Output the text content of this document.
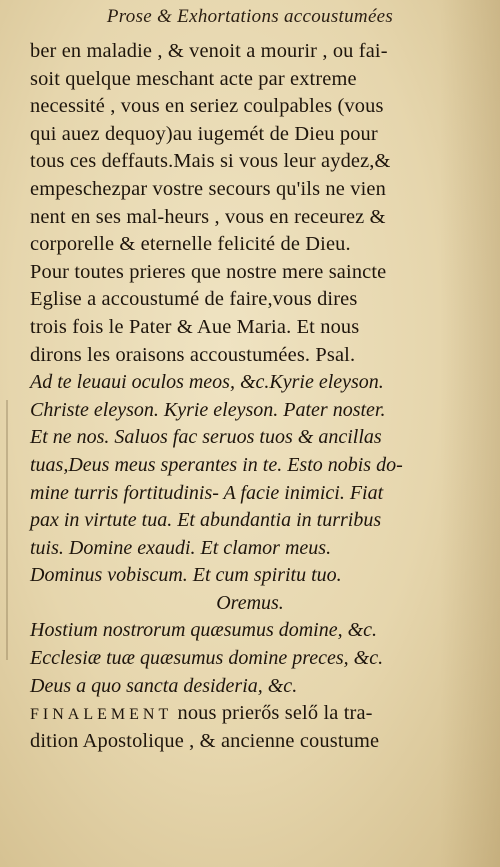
Prose & Exhortations accoustumées
ber en maladie , & venoit a mourir , ou fai-
soit quelque meschant acte par extreme
necessité , vous en seriez coulpables (vous
qui auez dequoy)au iugemét de Dieu pour
tous ces deffauts.Mais si vous leur aydez,&
empeschezpar vostre secours qu'ils ne vien
nent en ses mal-heurs , vous en receurez &
corporelle & eternelle felicité de Dieu.
Pour toutes prieres que nostre mere saincte
Eglise a accoustumé de faire,vous dires
trois fois le Pater & Aue Maria. Et nous
dirons les oraisons accoustumées. Psal.
Ad te leuaui oculos meos, &c.Kyrie eleyson.
Christe eleyson. Kyrie eleyson. Pater noster.
Et ne nos. Saluos fac seruos tuos & ancillas
tuas,Deus meus sperantes in te. Esto nobis do-
mine turris fortitudinis- A facie inimici. Fiat
pax in virtute tua. Et abundantia in turribus
tuis. Domine exaudi. Et clamor meus.
Dominus vobiscum. Et cum spiritu tuo.
Oremus.
Hostium nostrorum quæsumus domine, &c.
Ecclesiæ tuæ quæsumus domine preces, &c.
Deus a quo sancta desideria, &c.
FINALEMENT nous prierős selő la tra-
dition Apostolique , & ancienne coustume
